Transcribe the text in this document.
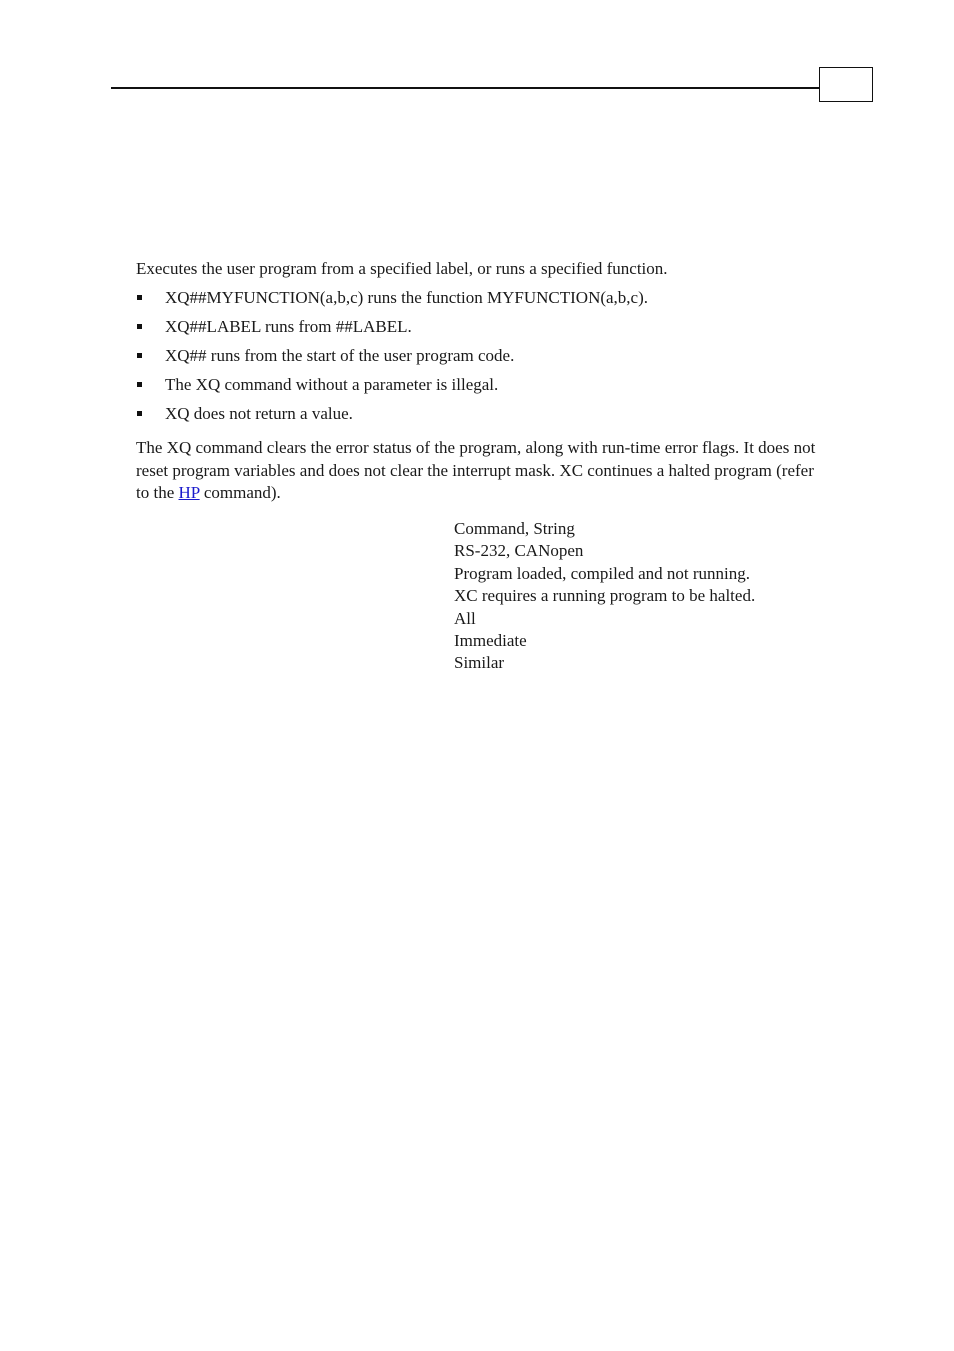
Executes the user program from a specified label, or runs a specified function.

XQ##MYFUNCTION(a,b,c) runs the function MYFUNCTION(a,b,c).
XQ##LABEL runs from ##LABEL.
XQ## runs from the start of the user program code.
The XQ command without a parameter is illegal.
XQ does not return a value.

The XQ command clears the error status of the program, along with run-time error flags. It does not reset program variables and does not clear the interrupt mask. XC continues a halted program (refer to the HP command).

Command, String
RS-232, CANopen
Program loaded, compiled and not running.
XC requires a running program to be halted.
All
Immediate
Similar
